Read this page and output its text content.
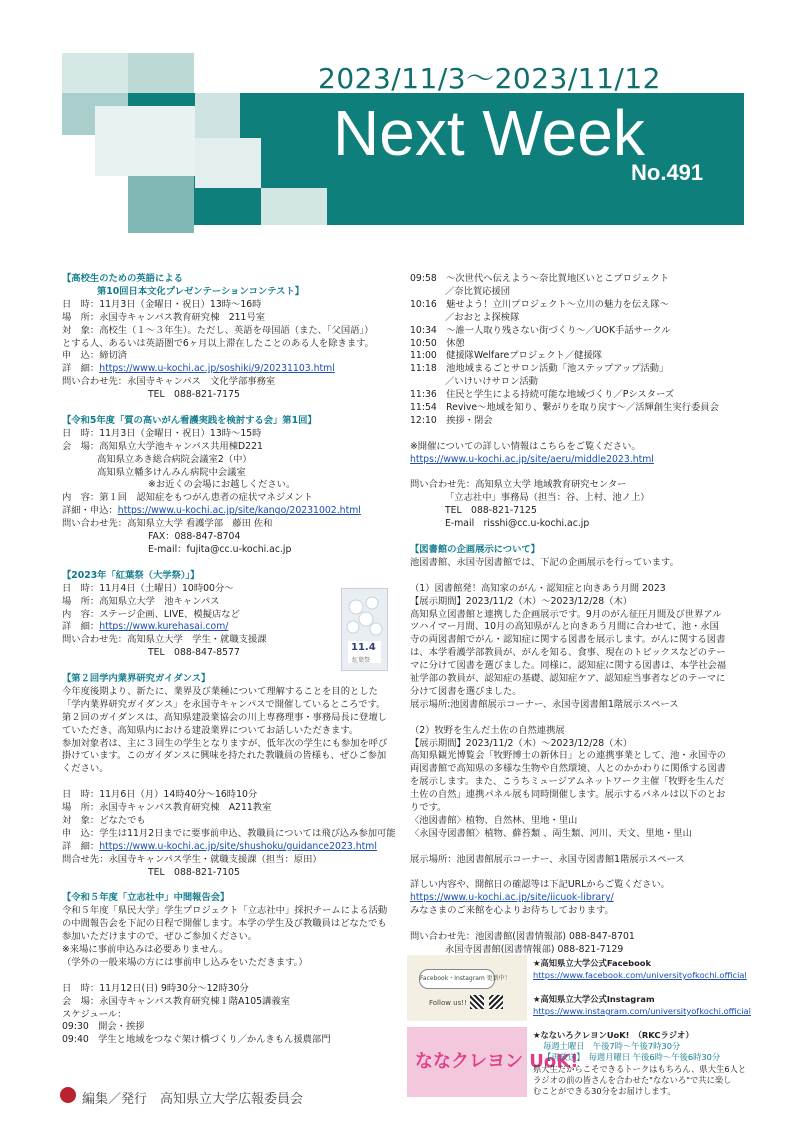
2023/11/3～2023/11/12
Next Week
No.491
【高校生のための英語による
第10回日本文化プレゼンテーションコンテスト】
日　時：11月3日（金曜日・祝日）13時～16時
場　所：永国寺キャンパス教育研究棟　211号室
対　象：高校生（１～３年生）。ただし、英語を母国語（また、「父国語」）
とする人、あるいは英語圏で6ヶ月以上滞在したことのある人を除きます。
申　込：締切済
詳　細：https://www.u-kochi.ac.jp/soshiki/9/20231103.html
問い合わせ先：永国寺キャンパス　文化学部事務室
TEL　088-821-7175
【令和5年度「質の高いがん看護実践を検討する会」第1回】
日　時：11月3日（金曜日・祝日）13時～15時
会　場：高知県立大学池キャンパス共用棟D221
高知県立あき総合病院会議室2（中）
高知県立幡多けんみん病院中会議室
※お近くの会場にお越しください。
内　容：第１回　認知症をもつがん患者の症状マネジメント
詳細・申込：https://www.u-kochi.ac.jp/site/kango/20231002.html
問い合わせ先：高知県立大学 看護学部　藤田 佐和
FAX：088-847-8704
E-mail：fujita@cc.u-kochi.ac.jp
【2023年「紅葉祭（大学祭）」】
日　時：11月4日（土曜日）10時00分～
場　所：高知県立大学　池キャンパス
内　容：ステージ企画、LIVE、模擬店など
詳　細：https://www.kurehasai.com/
問い合わせ先：高知県立大学　学生・就職支援課
TEL　088-847-8577
【第２回学内業界研究ガイダンス】
今年度後期より、新たに、業界及び業種について理解することを目的とした
「学内業界研究ガイダンス」を永国寺キャンパスで開催しているところです。
第２回のガイダンスは、高知県建設業協会の川上専務理事・事務局長に登壇し
ていただき、高知県内における建設業界についてお話しいただきます。
参加対象者は、主に３回生の学生となりますが、低年次の学生にも参加を呼び
掛けています。このガイダンスに興味を持たれた教職員の皆様も、ぜひご参加
ください。
日　時：11月6日（月）14時40分～16時10分
場　所：永国寺キャンパス教育研究棟　A211教室
対　象：どなたでも
申　込：学生は11月2日までに要事前申込、教職員については飛び込み参加可能
詳　細：https://www.u-kochi.ac.jp/site/shushoku/guidance2023.html
問合せ先：永国寺キャンパス学生・就職支援課（担当：原田）
TEL　088-821-7105
【令和５年度「立志社中」中間報告会】
令和５年度「県民大学」学生プロジェクト「立志社中」採択チームによる活動
の中間報告会を下記の日程で開催します。本学の学生及び教職員はどなたでも
参加いただけますので、ぜひご参加ください。
※来場に事前申込みは必要ありません。
（学外の一般来場の方には事前申し込みをいただきます。）
日　時：11月12日(日) 9時30分～12時30分
会　場：永国寺キャンパス教育研究棟１階A105講義室
スケジュール：
09:30　開会・挨拶
09:40　学生と地域をつなぐ架け橋づくり／かんきもん援農部門
09:58　～次世代へ伝えよう～奈比賀地区いとこプロジェクト
／奈比賀応援団
10:16　魅せよう！立川プロジェクト～立川の魅力を伝え隊～
／おおとよ探検隊
10:34　～誰一人取り残さない街づくり～／UOK手話サークル
10:50　休憩
11:00　健援隊Welfareプロジェクト／健援隊
11:18　池地域まるごとサロン活動「池ステップアップ活動」
／いけいけサロン活動
11:36　住民と学生による持続可能な地域づくり／Pシスターズ
11:54　Revive～地域を知り、繋がりを取り戻す～／活輝創生実行委員会
12:10　挨拶・閉会
※開催についての詳しい情報はこちらをご覧ください。
https://www.u-kochi.ac.jp/site/aeru/middle2023.html
問い合わせ先：高知県立大学 地域教育研究センター
「立志社中」事務局（担当：谷、上村、池ノ上）
TEL　088-821-7125
E-mail　risshi@cc.u-kochi.ac.jp
【図書館の企画展示について】
池図書館、永国寺図書館では、下記の企画展示を行っています。
（1）図書館発！高知家のがん・認知症と向きあう月間 2023
【展示期間】2023/11/2（木）～2023/12/28（木）
高知県立図書館と連携した企画展示です。9月のがん征圧月間及び世界アル
ツハイマー月間、10月の高知県がんと向きあう月間に合わせて、池・永国
寺の両図書館でがん・認知症に関する図書を展示します。がんに関する図書
は、本学看護学部教員が、がんを知る、食事、現在のトピックスなどのテー
マに分けて図書を選びました。同様に、認知症に関する図書は、本学社会福
祉学部の教員が、認知症の基礎、認知症ケア、認知症当事者などのテーマに
分けて図書を選びました。
展示場所:池図書館展示コーナー、永国寺図書館1階展示スペース
（2）牧野を生んだ土佐の自然連携展
【展示期間】2023/11/2（木）～2023/12/28（木）
高知県観光博覧会「牧野博士の新休日」との連携事業として、池・永国寺の
両図書館で高知県の多様な生物や自然環境、人とのかかわりに関係する図書
を展示します。また、こうちミュージアムネットワーク主催「牧野を生んだ
土佐の自然」連携パネル展も同時開催します。展示するパネルは以下のとお
りです。
〈池図書館〉植物、自然林、里地・里山
〈永国寺図書館〉植物、蘚苔類 、両生類、河川、天文、里地・里山
展示場所：池図書館展示コーナー、永国寺図書館1階展示スペース
詳しい内容や、開館日の確認等は下記URLからご覧ください。
https://www.u-kochi.ac.jp/site/iicuok-library/
みなさまのご来館を心よりお待ちしております。
問い合わせ先：池図書館(図書情報部) 088-847-8701
永国寺図書館(図書情報部) 088-821-7129
11.4
紅葉祭
Facebook・Instagram 更新中！
Follow us!!
ななクレヨン UoK!
★高知県立大学公式Facebook
https://www.facebook.com/universityofkochi.official
★高知県立大学公式Instagram
https://www.instagram.com/universityofkochi.official
★なないろクレヨンUoK!　（RKCラジオ）
毎週土曜日　午後7時～午後7時30分
【再放送】　毎週月曜日 午後6時～午後6時30分
県大生だからこそできるトークはもちろん、県大生6人と
ラジオの前の皆さんを合わせた"なないろ"で共に楽し
むことができる30分をお届けします。
編集／発行　高知県立大学広報委員会
